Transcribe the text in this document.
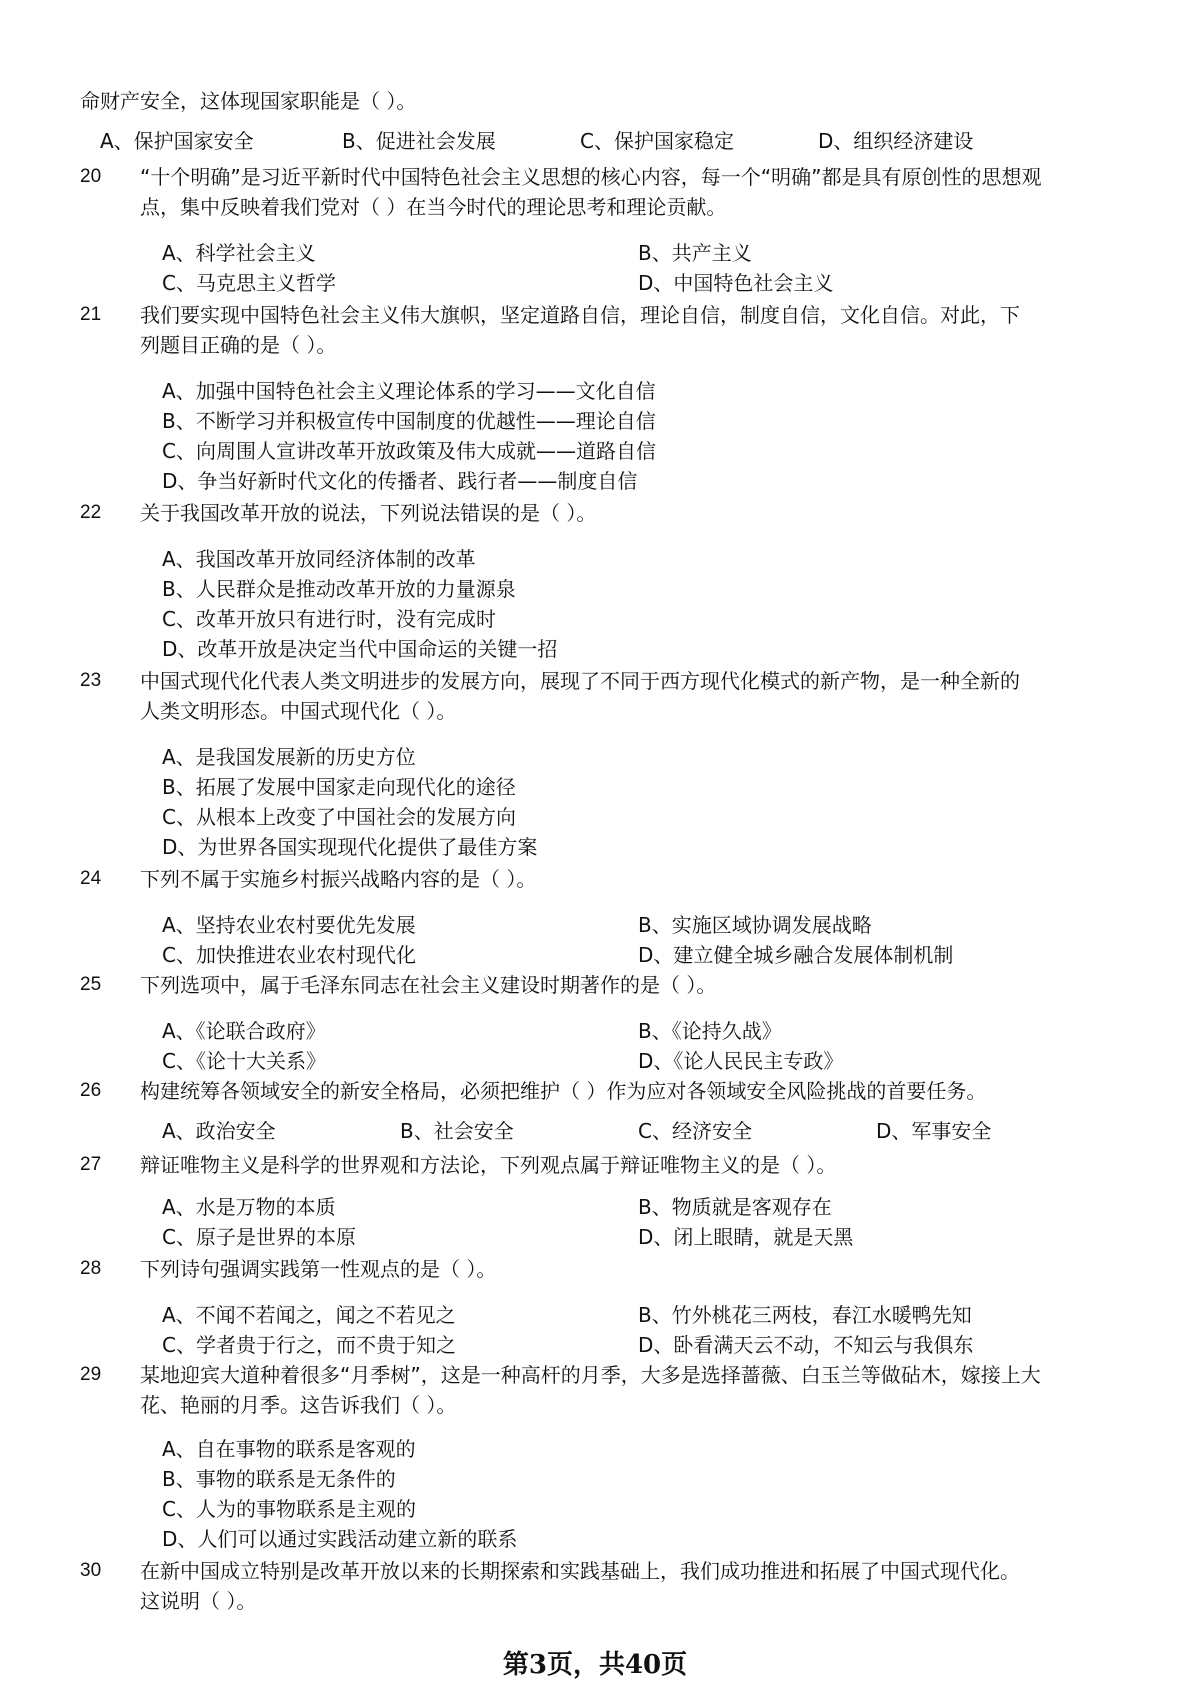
命财产安全，这体现国家职能是（ ）。
A、保护国家安全	B、促进社会发展	C、保护国家稳定	D、组织经济建设
20 “十个明确”是习近平新时代中国特色社会主义思想的核心内容，每一个“明确”都是具有原创性的思想观
点，集中反映着我们党对（ ）在当今时代的理论思考和理论贡献。
A、科学社会主义	B、共产主义
C、马克思主义哲学	D、中国特色社会主义
21 我们要实现中国特色社会主义伟大旗帜，坚定道路自信，理论自信，制度自信，文化自信。对此，下
列题目正确的是（ ）。
A、加强中国特色社会主义理论体系的学习——文化自信
B、不断学习并积极宣传中国制度的优越性——理论自信
C、向周围人宣讲改革开放政策及伟大成就——道路自信
D、争当好新时代文化的传播者、践行者——制度自信
22 关于我国改革开放的说法，下列说法错误的是（ ）。
A、我国改革开放同经济体制的改革
B、人民群众是推动改革开放的力量源泉
C、改革开放只有进行时，没有完成时
D、改革开放是决定当代中国命运的关键一招
23 中国式现代化代表人类文明进步的发展方向，展现了不同于西方现代化模式的新产物，是一种全新的
人类文明形态。中国式现代化（ ）。
A、是我国发展新的历史方位
B、拓展了发展中国家走向现代化的途径
C、从根本上改变了中国社会的发展方向
D、为世界各国实现现代化提供了最佳方案
24 下列不属于实施乡村振兴战略内容的是（ ）。
A、坚持农业农村要优先发展	B、实施区域协调发展战略
C、加快推进农业农村现代化	D、建立健全城乡融合发展体制机制
25 下列选项中，属于毛泽东同志在社会主义建设时期著作的是（ ）。
A、《论联合政府》	B、《论持久战》
C、《论十大关系》	D、《论人民民主专政》
26 构建统筹各领域安全的新安全格局，必须把维护（ ）作为应对各领域安全风险挑战的首要任务。
A、政治安全	B、社会安全	C、经济安全	D、军事安全
27 辩证唯物主义是科学的世界观和方法论，下列观点属于辩证唯物主义的是（ ）。
A、水是万物的本质	B、物质就是客观存在
C、原子是世界的本原	D、闭上眼睛，就是天黑
28 下列诗句强调实践第一性观点的是（ ）。
A、不闻不若闻之，闻之不若见之	B、竹外桃花三两枝，春江水暖鸭先知
C、学者贵于行之，而不贵于知之	D、卧看满天云不动，不知云与我俱东
29 某地迎宾大道种着很多“月季树”，这是一种高杆的月季，大多是选择蔷薇、白玉兰等做砧木，嫁接上大
花、艳丽的月季。这告诉我们（ ）。
A、自在事物的联系是客观的
B、事物的联系是无条件的
C、人为的事物联系是主观的
D、人们可以通过实践活动建立新的联系
30 在新中国成立特别是改革开放以来的长期探索和实践基础上，我们成功推进和拓展了中国式现代化。
这说明（ ）。
第3页，共40页
